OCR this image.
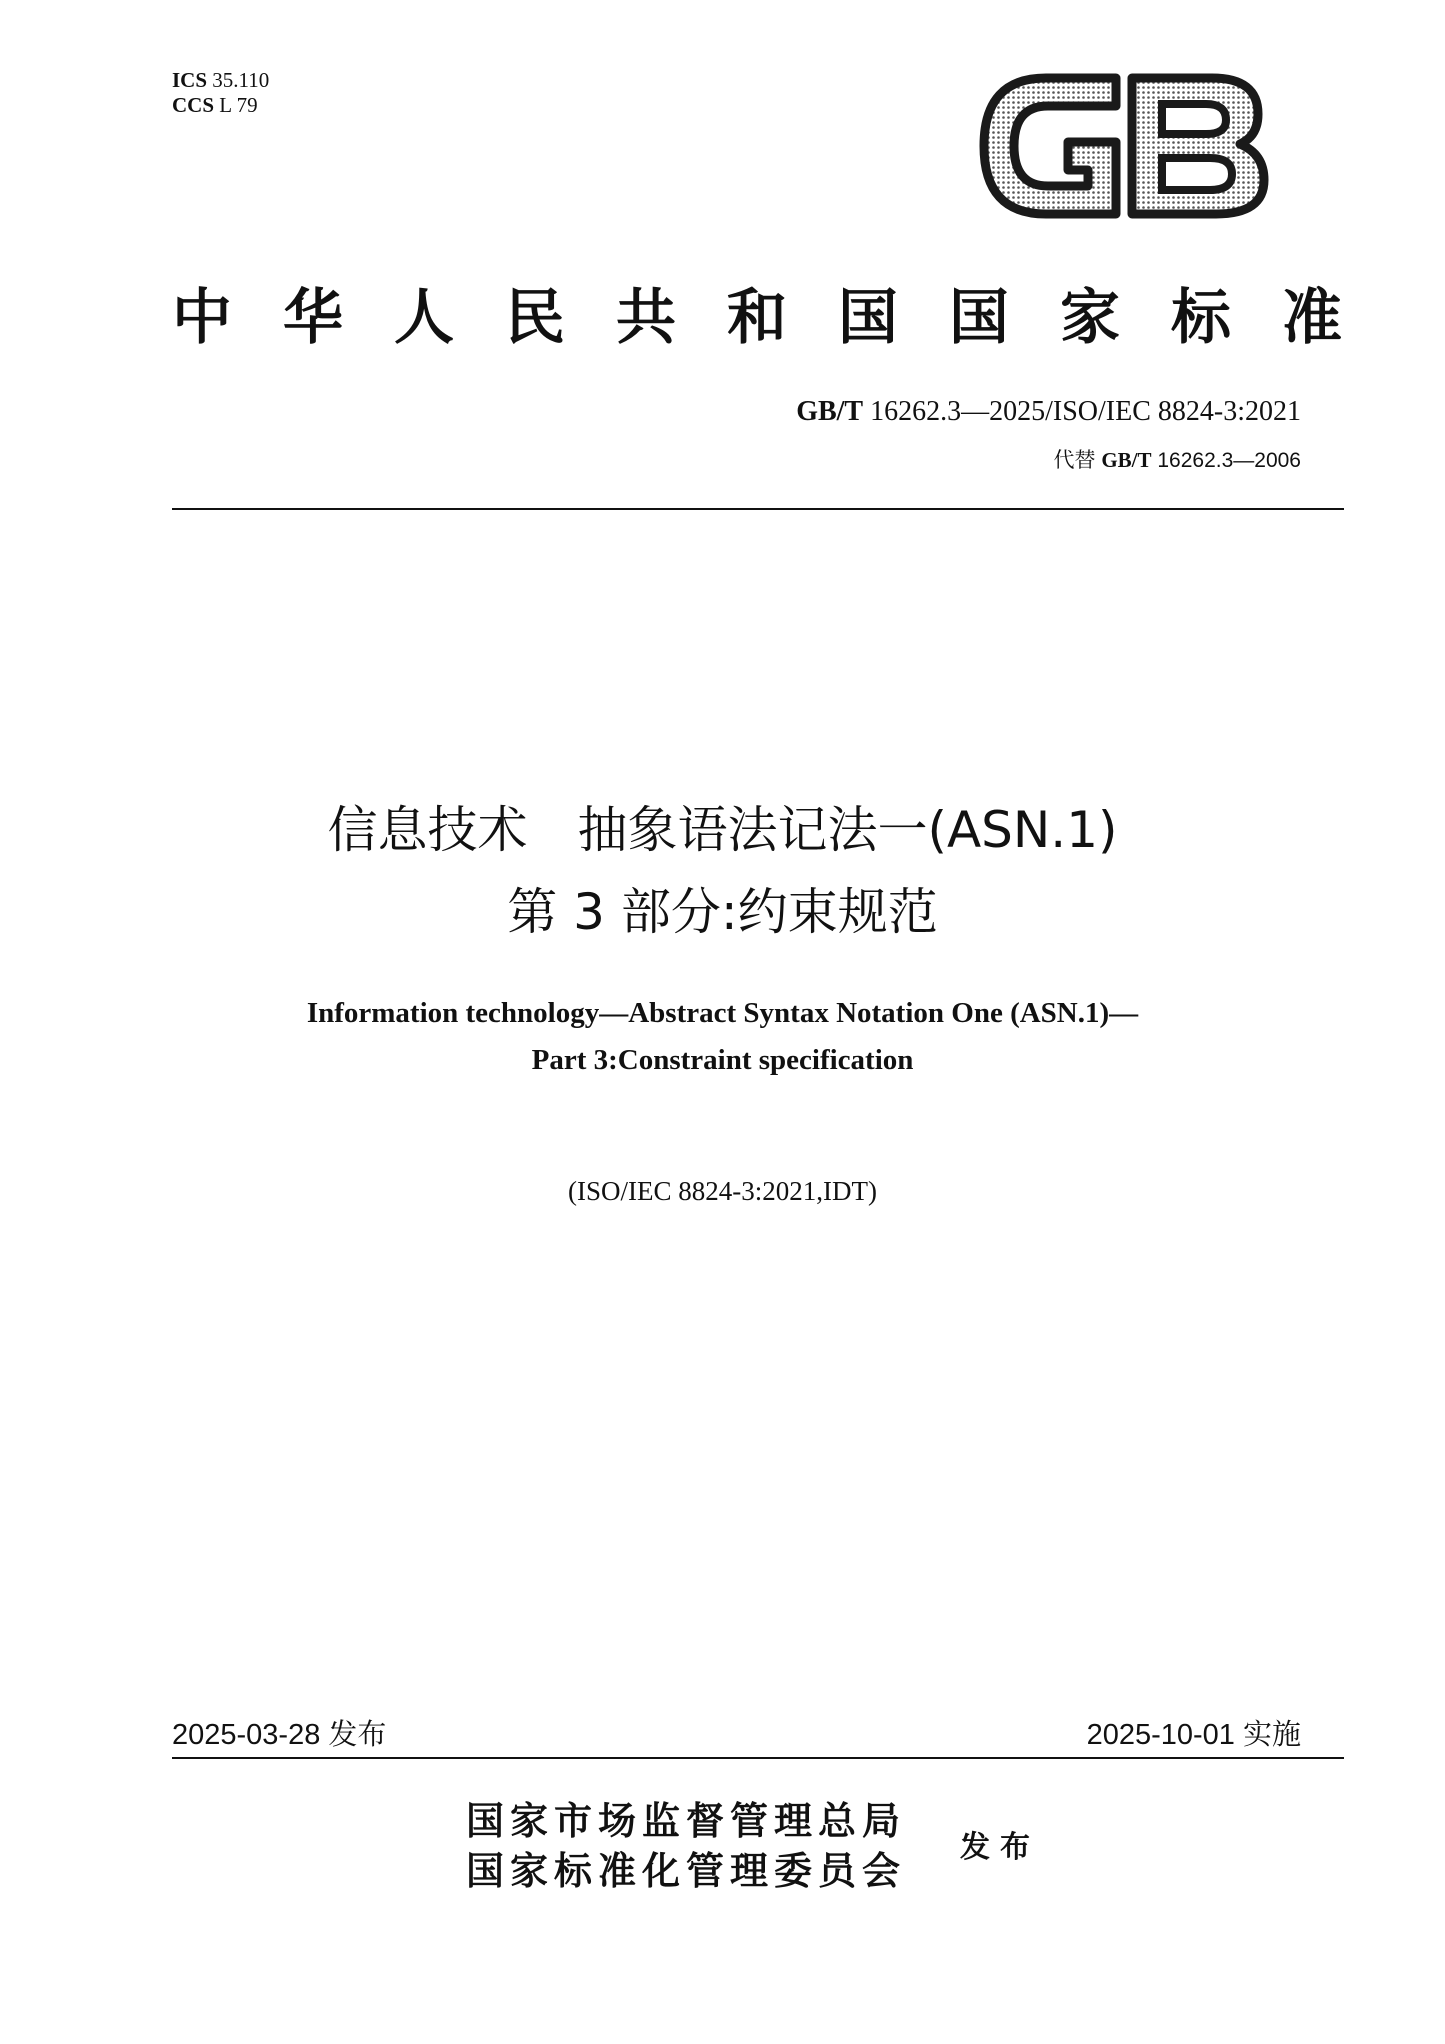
ICS 35.110
CCS L 79
中华人民共和国国家标准
GB/T 16262.3—2025/ISO/IEC 8824-3:2021
代替 GB/T 16262.3—2006
信息技术　抽象语法记法一(ASN.1)
第 3 部分:约束规范
Information technology—Abstract Syntax Notation One (ASN.1)—
Part 3:Constraint specification
(ISO/IEC 8824-3:2021,IDT)
2025-03-28 发布	2025-10-01 实施
国家市场监督管理总局
国家标准化管理委员会
发布
